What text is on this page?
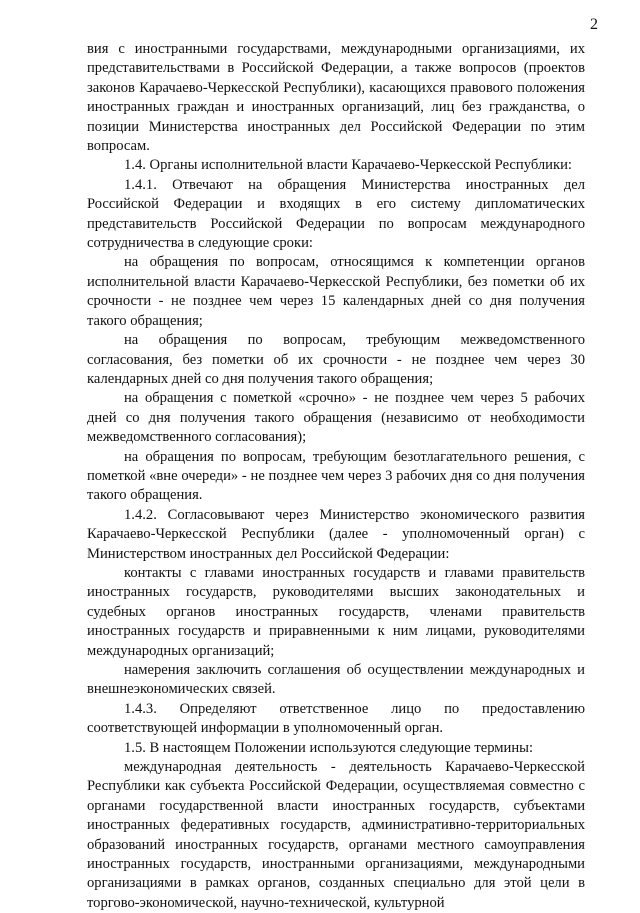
2

вия с иностранными государствами, международными организациями, их представительствами в Российской Федерации, а также вопросов (проектов законов Карачаево-Черкесской Республики), касающихся правового положения иностранных граждан и иностранных организаций, лиц без гражданства, о позиции Министерства иностранных дел Российской Федерации по этим вопросам.

1.4. Органы исполнительной власти Карачаево-Черкесской Республики:

1.4.1. Отвечают на обращения Министерства иностранных дел Российской Федерации и входящих в его систему дипломатических представительств Российской Федерации по вопросам международного сотрудничества в следующие сроки:

на обращения по вопросам, относящимся к компетенции органов исполнительной власти Карачаево-Черкесской Республики, без пометки об их срочности - не позднее чем через 15 календарных дней со дня получения такого обращения;

на обращения по вопросам, требующим межведомственного согласования, без пометки об их срочности - не позднее чем через 30 календарных дней со дня получения такого обращения;

на обращения с пометкой «срочно» - не позднее чем через 5 рабочих дней со дня получения такого обращения (независимо от необходимости межведомственного согласования);

на обращения по вопросам, требующим безотлагательного решения, с пометкой «вне очереди» - не позднее чем через 3 рабочих дня со дня получения такого обращения.

1.4.2. Согласовывают через Министерство экономического развития Карачаево-Черкесской Республики (далее - уполномоченный орган) с Министерством иностранных дел Российской Федерации:

контакты с главами иностранных государств и главами правительств иностранных государств, руководителями высших законодательных и судебных органов иностранных государств, членами правительств иностранных государств и приравненными к ним лицами, руководителями международных организаций;

намерения заключить соглашения об осуществлении международных и внешнеэкономических связей.

1.4.3. Определяют ответственное лицо по предоставлению соответствующей информации в уполномоченный орган.

1.5. В настоящем Положении используются следующие термины:

международная деятельность - деятельность Карачаево-Черкесской Республики как субъекта Российской Федерации, осуществляемая совместно с органами государственной власти иностранных государств, субъектами иностранных федеративных государств, административно-территориальных образований иностранных государств, органами местного самоуправления иностранных государств, иностранными организациями, международными организациями в рамках органов, созданных специально для этой цели в торгово-экономической, научно-технической, культурной
